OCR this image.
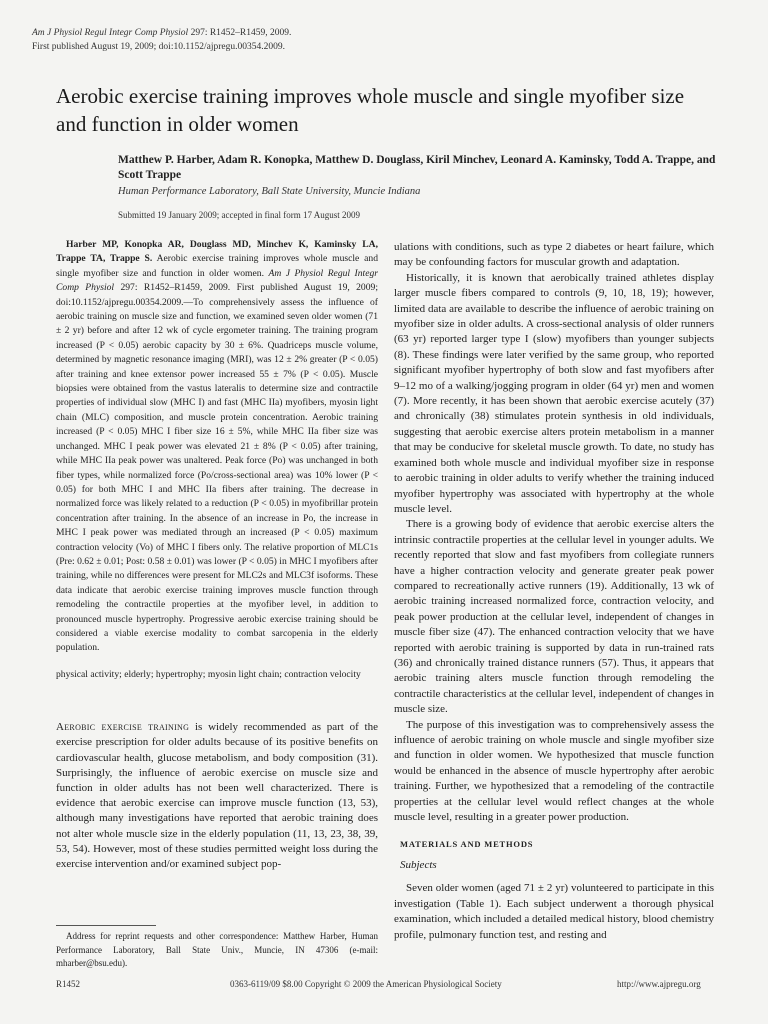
Am J Physiol Regul Integr Comp Physiol 297: R1452–R1459, 2009.
First published August 19, 2009; doi:10.1152/ajpregu.00354.2009.
Aerobic exercise training improves whole muscle and single myofiber size and function in older women
Matthew P. Harber, Adam R. Konopka, Matthew D. Douglass, Kiril Minchev, Leonard A. Kaminsky, Todd A. Trappe, and Scott Trappe
Human Performance Laboratory, Ball State University, Muncie Indiana
Submitted 19 January 2009; accepted in final form 17 August 2009

Harber MP, Konopka AR, Douglass MD, Minchev K, Kaminsky LA, Trappe TA, Trappe S. Aerobic exercise training improves whole muscle and single myofiber size and function in older women. Am J Physiol Regul Integr Comp Physiol 297: R1452–R1459, 2009. First published August 19, 2009; doi:10.1152/ajpregu.00354.2009.—To comprehensively assess the influence of aerobic training on muscle size and function, we examined seven older women (71 ± 2 yr) before and after 12 wk of cycle ergometer training. The training program increased (P < 0.05) aerobic capacity by 30 ± 6%. Quadriceps muscle volume, determined by magnetic resonance imaging (MRI), was 12 ± 2% greater (P < 0.05) after training and knee extensor power increased 55 ± 7% (P < 0.05). Muscle biopsies were obtained from the vastus lateralis to determine size and contractile properties of individual slow (MHC I) and fast (MHC IIa) myofibers, myosin light chain (MLC) composition, and muscle protein concentration. Aerobic training increased (P < 0.05) MHC I fiber size 16 ± 5%, while MHC IIa fiber size was unchanged. MHC I peak power was elevated 21 ± 8% (P < 0.05) after training, while MHC IIa peak power was unaltered. Peak force (Po) was unchanged in both fiber types, while normalized force (Po/cross-sectional area) was 10% lower (P < 0.05) for both MHC I and MHC IIa fibers after training. The decrease in normalized force was likely related to a reduction (P < 0.05) in myofibrillar protein concentration after training. In the absence of an increase in Po, the increase in MHC I peak power was mediated through an increased (P < 0.05) maximum contraction velocity (Vo) of MHC I fibers only. The relative proportion of MLC1s (Pre: 0.62 ± 0.01; Post: 0.58 ± 0.01) was lower (P < 0.05) in MHC I myofibers after training, while no differences were present for MLC2s and MLC3f isoforms. These data indicate that aerobic exercise training improves muscle function through remodeling the contractile properties at the myofiber level, in addition to pronounced muscle hypertrophy. Progressive aerobic exercise training should be considered a viable exercise modality to combat sarcopenia in the elderly population.

physical activity; elderly; hypertrophy; myosin light chain; contraction velocity

Aerobic exercise training is widely recommended as part of the exercise prescription for older adults because of its positive benefits on cardiovascular health, glucose metabolism, and body composition (31). Surprisingly, the influence of aerobic exercise on muscle size and function in older adults has not been well characterized. There is evidence that aerobic exercise can improve muscle function (13, 53), although many investigations have reported that aerobic training does not alter whole muscle size in the elderly population (11, 13, 23, 38, 39, 53, 54). However, most of these studies permitted weight loss during the exercise intervention and/or examined subject pop-

ulations with conditions, such as type 2 diabetes or heart failure, which may be confounding factors for muscular growth and adaptation.

Historically, it is known that aerobically trained athletes display larger muscle fibers compared to controls (9, 10, 18, 19); however, limited data are available to describe the influence of aerobic training on myofiber size in older adults. A cross-sectional analysis of older runners (63 yr) reported larger type I (slow) myofibers than younger subjects (8). These findings were later verified by the same group, who reported significant myofiber hypertrophy of both slow and fast myofibers after 9–12 mo of a walking/jogging program in older (64 yr) men and women (7). More recently, it has been shown that aerobic exercise acutely (37) and chronically (38) stimulates protein synthesis in old individuals, suggesting that aerobic exercise alters protein metabolism in a manner that may be conducive for skeletal muscle growth. To date, no study has examined both whole muscle and individual myofiber size in response to aerobic training in older adults to verify whether the training induced myofiber hypertrophy was associated with hypertrophy at the whole muscle level.

There is a growing body of evidence that aerobic exercise alters the intrinsic contractile properties at the cellular level in younger adults. We recently reported that slow and fast myofibers from collegiate runners have a higher contraction velocity and generate greater peak power compared to recreationally active runners (19). Additionally, 13 wk of aerobic training increased normalized force, contraction velocity, and peak power production at the cellular level, independent of changes in muscle fiber size (47). The enhanced contraction velocity that we have reported with aerobic training is supported by data in run-trained rats (36) and chronically trained distance runners (57). Thus, it appears that aerobic training alters muscle function through remodeling the contractile characteristics at the cellular level, independent of changes in muscle size.

The purpose of this investigation was to comprehensively assess the influence of aerobic training on whole muscle and single myofiber size and function in older women. We hypothesized that muscle function would be enhanced in the absence of muscle hypertrophy after aerobic training. Further, we hypothesized that a remodeling of the contractile properties at the cellular level would reflect changes at the whole muscle level, resulting in a greater power production.

MATERIALS AND METHODS
Subjects

Seven older women (aged 71 ± 2 yr) volunteered to participate in this investigation (Table 1). Each subject underwent a thorough physical examination, which included a detailed medical history, blood chemistry profile, pulmonary function test, and resting and

Address for reprint requests and other correspondence: Matthew Harber, Human Performance Laboratory, Ball State Univ., Muncie, IN 47306 (e-mail: mharber@bsu.edu).
R1452	0363-6119/09 $8.00 Copyright © 2009 the American Physiological Society	http://www.ajpregu.org
